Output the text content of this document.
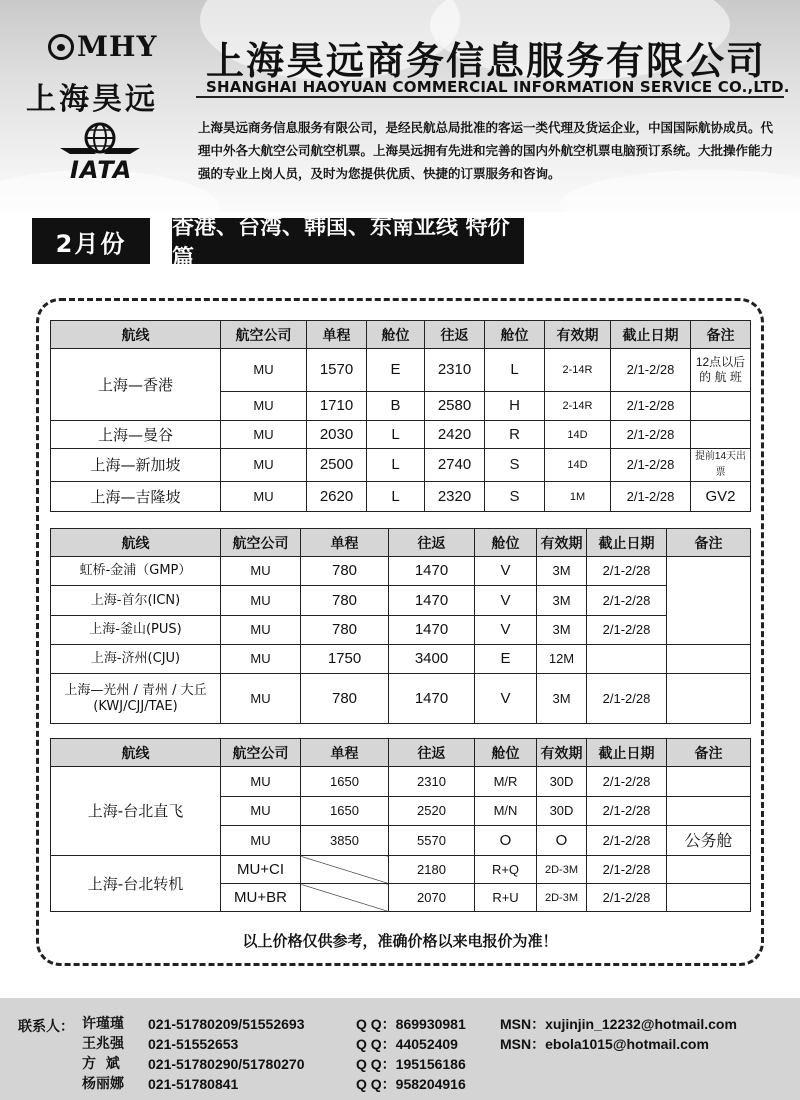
MHY
上海昊远
IATA
上海昊远商务信息服务有限公司
SHANGHAI HAOYUAN COMMERCIAL INFORMATION SERVICE CO.,LTD.
上海昊远商务信息服务有限公司，是经民航总局批准的客运一类代理及货运企业，中国国际航协成员。代理中外各大航空公司航空机票。上海昊远拥有先进和完善的国内外航空机票电脑预订系统。大批操作能力强的专业上岗人员，及时为您提供优质、快捷的订票服务和咨询。
2月份
香港、台湾、韩国、东南亚线 特价篇
航线	航空公司	单程	舱位	往返	舱位	有效期	截止日期	备注
上海—香港	MU	1570	E	2310	L	2-14R	2/1-2/28	12点以后的 航 班
	MU	1710	B	2580	H	2-14R	2/1-2/28	
上海—曼谷	MU	2030	L	2420	R	14D	2/1-2/28	
上海—新加坡	MU	2500	L	2740	S	14D	2/1-2/28	提前14天出票
上海—吉隆坡	MU	2620	L	2320	S	1M	2/1-2/28	GV2
航线	航空公司	单程	往返	舱位	有效期	截止日期	备注
虹桥-金浦（GMP）	MU	780	1470	V	3M	2/1-2/28	
上海-首尔(ICN)	MU	780	1470	V	3M	2/1-2/28	
上海-釜山(PUS)	MU	780	1470	V	3M	2/1-2/28	
上海-济州(CJU)	MU	1750	3400	E	12M		

上海—光州 / 青州 / 大丘
(KWJ/CJJ/TAE)	MU	780	1470	V	3M	2/1-2/28	
航线	航空公司	单程	往返	舱位	有效期	截止日期	备注
上海-台北直飞	MU	1650	2310	M/R	30D	2/1-2/28	
	MU	1650	2520	M/N	30D	2/1-2/28	
	MU	3850	5570	O	O	2/1-2/28	公务舱
上海-台北转机	MU+CI		2180	R+Q	2D-3M	2/1-2/28	
	MU+BR		2070	R+U	2D-3M	2/1-2/28	
以上价格仅供参考，准确价格以来电报价为准！
联系人： 许瑾瑾	021-51780209/51552693
王兆强	021-51552653
方  斌	021-51780290/51780270
杨丽娜	021-51780841
Q Q：869930981
Q Q：44052409
Q Q：195156186
Q Q：958204916
MSN：xujinjin_12232@hotmail.com
MSN：ebola1015@hotmail.com
